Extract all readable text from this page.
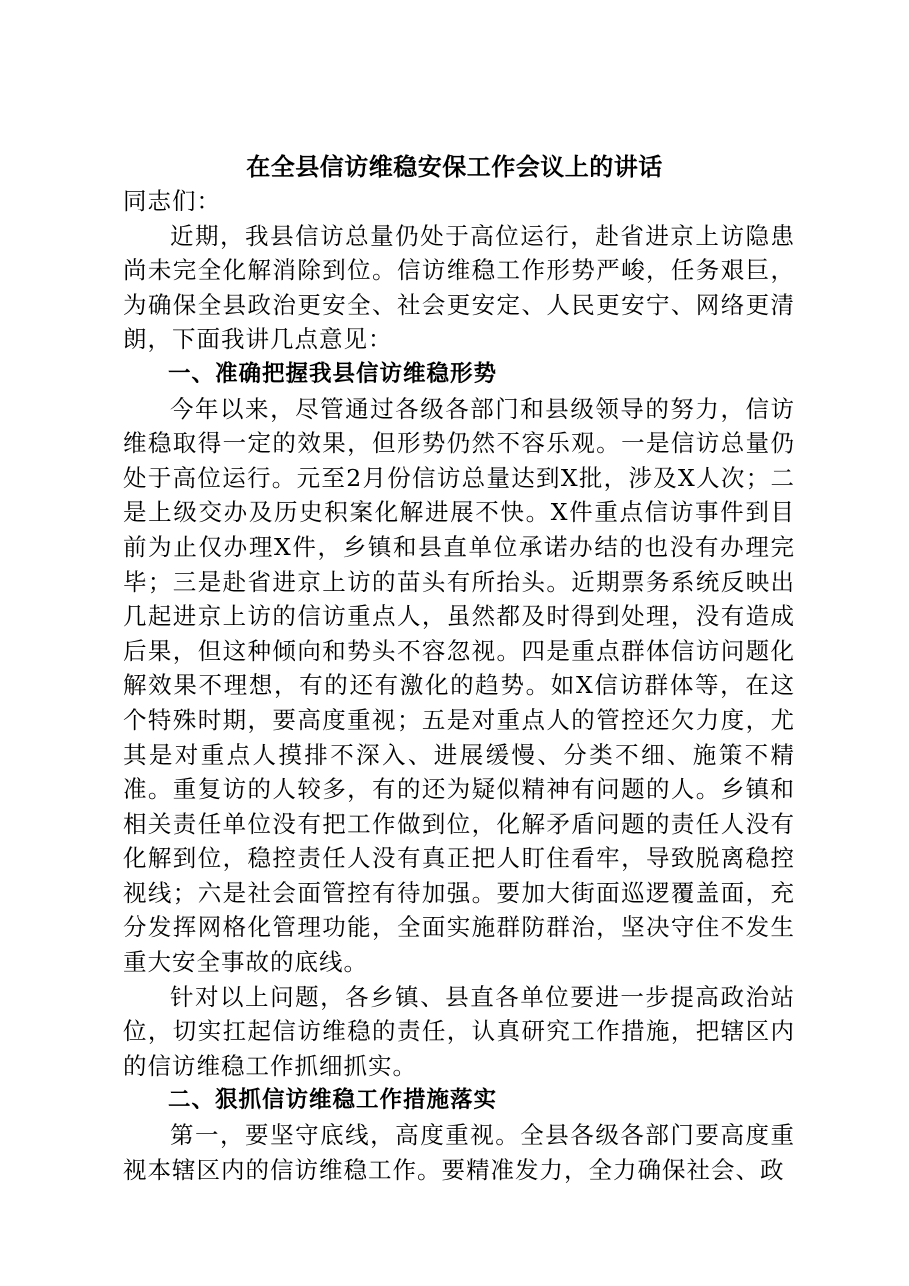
在全县信访维稳安保工作会议上的讲话

同志们：

近期，我县信访总量仍处于高位运行，赴省进京上访隐患尚未完全化解消除到位。信访维稳工作形势严峻，任务艰巨，为确保全县政治更安全、社会更安定、人民更安宁、网络更清朗，下面我讲几点意见：

一、准确把握我县信访维稳形势

今年以来，尽管通过各级各部门和县级领导的努力，信访维稳取得一定的效果，但形势仍然不容乐观。一是信访总量仍处于高位运行。元至2月份信访总量达到X批，涉及X人次；二是上级交办及历史积案化解进展不快。X件重点信访事件到目前为止仅办理X件，乡镇和县直单位承诺办结的也没有办理完毕；三是赴省进京上访的苗头有所抬头。近期票务系统反映出几起进京上访的信访重点人，虽然都及时得到处理，没有造成后果，但这种倾向和势头不容忽视。四是重点群体信访问题化解效果不理想，有的还有激化的趋势。如X信访群体等，在这个特殊时期，要高度重视；五是对重点人的管控还欠力度，尤其是对重点人摸排不深入、进展缓慢、分类不细、施策不精准。重复访的人较多，有的还为疑似精神有问题的人。乡镇和相关责任单位没有把工作做到位，化解矛盾问题的责任人没有化解到位，稳控责任人没有真正把人盯住看牢，导致脱离稳控视线；六是社会面管控有待加强。要加大街面巡逻覆盖面，充分发挥网格化管理功能，全面实施群防群治，坚决守住不发生重大安全事故的底线。

针对以上问题，各乡镇、县直各单位要进一步提高政治站位，切实扛起信访维稳的责任，认真研究工作措施，把辖区内的信访维稳工作抓细抓实。

二、狠抓信访维稳工作措施落实

第一，要坚守底线，高度重视。全县各级各部门要高度重视本辖区内的信访维稳工作。要精准发力，全力确保社会、政
